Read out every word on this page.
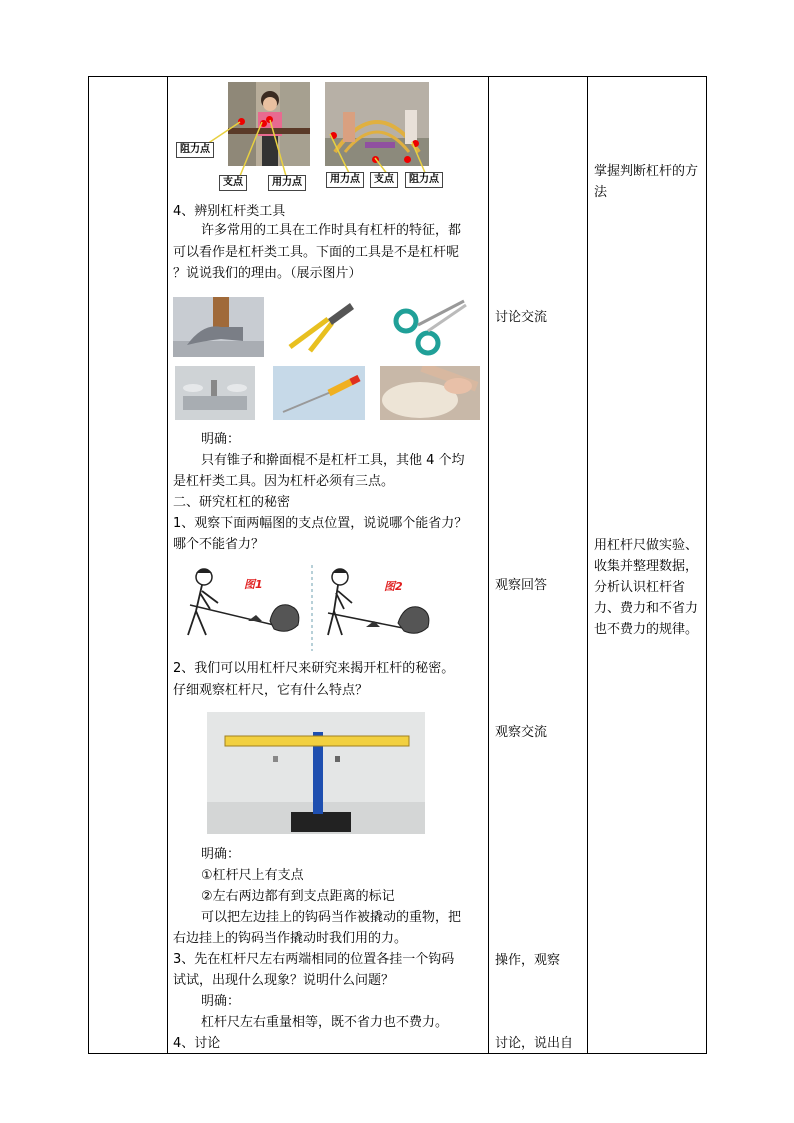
阻力点
支点	用力点	用力点	支点	阻力点
4、辨别杠杆类工具
许多常用的工具在工作时具有杠杆的特征，都
可以看作是杠杆类工具。下面的工具是不是杠杆呢
？说说我们的理由。（展示图片）
明确：
只有锥子和擀面棍不是杠杆工具，其他 4 个均
是杠杆类工具。因为杠杆必须有三点。
二、研究杠杠的秘密
1、观察下面两幅图的支点位置，说说哪个能省力？
哪个不能省力？
图1	图2
2、我们可以用杠杆尺来研究来揭开杠杆的秘密。
仔细观察杠杆尺，它有什么特点？
明确：
①杠杆尺上有支点
②左右两边都有到支点距离的标记
可以把左边挂上的钩码当作被撬动的重物，把
右边挂上的钩码当作撬动时我们用的力。
3、先在杠杆尺左右两端相同的位置各挂一个钩码
试试，出现什么现象？说明什么问题？
明确：
杠杆尺左右重量相等，既不省力也不费力。
4、讨论
讨论交流
观察回答
观察交流
操作，观察
讨论，说出自
掌握判断杠杆的方法
用杠杆尺做实验、收集并整理数据，分析认识杠杆省力、费力和不省力也不费力的规律。
